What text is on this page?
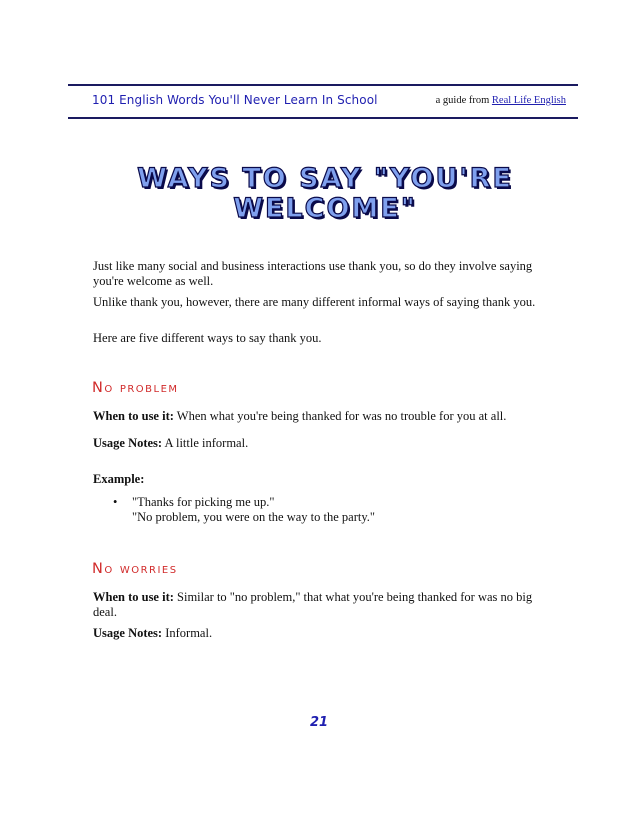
101 English Words You'll Never Learn In School	a guide from Real Life English
WAYS TO SAY "YOU'RE
WELCOME"

Just like many social and business interactions use thank you, so do they involve saying you're welcome as well.

Unlike thank you, however, there are many different informal ways of saying thank you.

Here are five different ways to say thank you.

No problem
When to use it: When what you're being thanked for was no trouble for you at all.
Usage Notes: A little informal.
Example:
• "Thanks for picking me up."
"No problem, you were on the way to the party."
No worries
When to use it: Similar to "no problem," that what you're being thanked for was no big deal.
Usage Notes: Informal.
21
